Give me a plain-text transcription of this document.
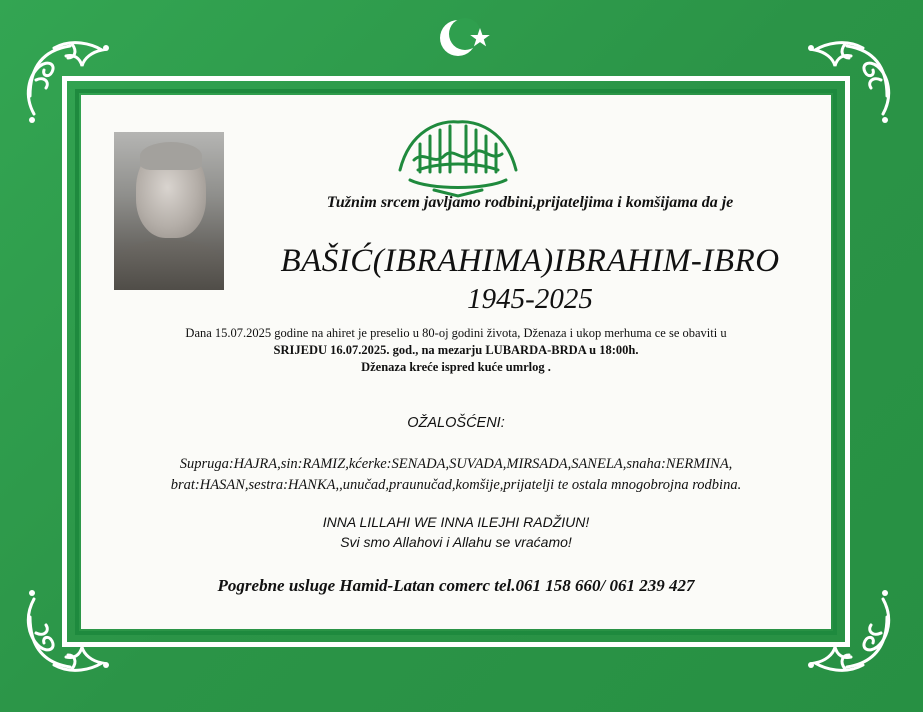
Tužnim srcem javljamo rodbini,prijateljima i komšijama da je
BAŠIĆ(IBRAHIMA)IBRAHIM-IBRO
1945-2025
Dana 15.07.2025 godine na ahiret je preselio u 80-oj godini života, Dženaza i ukop merhuma ce se obaviti u
SRIJEDU 16.07.2025. god., na mezarju LUBARDA-BRDA u 18:00h.
Dženaza kreće ispred kuće umrlog .
OŽALOŠĆENI:
Supruga:HAJRA,sin:RAMIZ,kćerke:SENADA,SUVADA,MIRSADA,SANELA,snaha:NERMINA,
brat:HASAN,sestra:HANKA,,unučad,praunučad,komšije,prijatelji te ostala mnogobrojna rodbina.
INNA LILLAHI WE INNA ILEJHI RADŽIUN!
Svi smo Allahovi i Allahu se vraćamo!
Pogrebne usluge Hamid-Latan comerc tel.061 158 660/ 061 239 427
